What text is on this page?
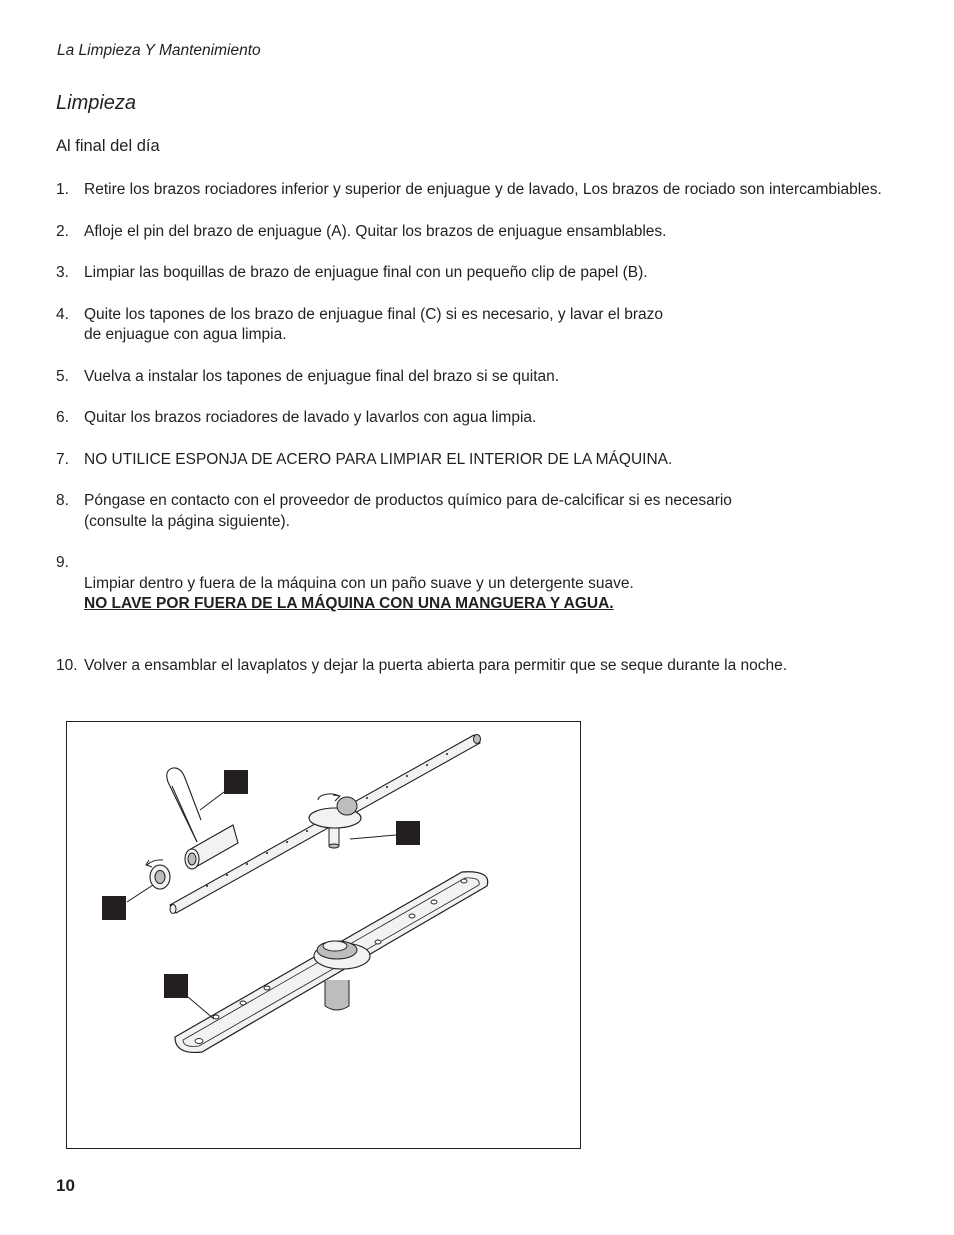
La Limpieza Y Mantenimiento
Limpieza
Al final del día
1. Retire los brazos rociadores inferior y superior de enjuague y de lavado, Los brazos de rociado son intercambiables.
2. Afloje el pin del brazo de enjuague (A). Quitar los brazos de enjuague ensamblables.
3. Limpiar las boquillas de brazo de enjuague final con un pequeño clip de papel (B).
4. Quite los tapones de los brazo de enjuague final (C) si es necesario, y lavar el brazo
de enjuague con agua limpia.
5. Vuelva a instalar los tapones de enjuague final del brazo si se quitan.
6. Quitar los brazos rociadores de lavado y lavarlos con agua limpia.
7. NO UTILICE ESPONJA DE ACERO PARA LIMPIAR EL INTERIOR DE LA MÁQUINA.
8. Póngase en contacto con el proveedor de productos químico para de-calcificar si es necesario
(consulte la página siguiente).
9.

Limpiar dentro y fuera de la máquina con un paño suave y un detergente suave.

NO LAVE POR FUERA DE LA MÁQUINA CON UNA MANGUERA Y AGUA.

10. Volver a ensamblar el lavaplatos y dejar la puerta abierta para permitir que se seque durante la noche.
10
